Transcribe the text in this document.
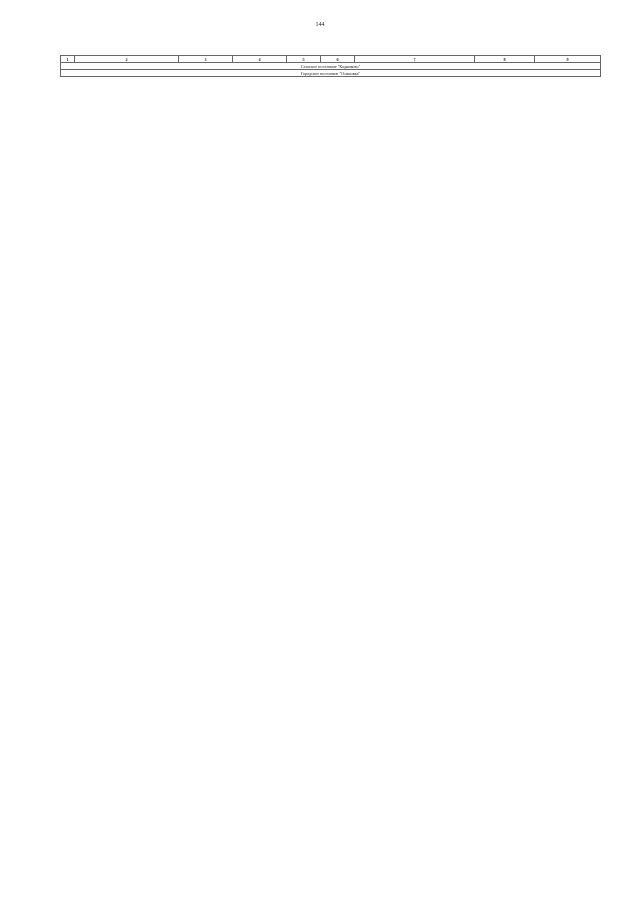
144
1	2	3	4	5	6	7	8	9
Сельское поселение "Кадниково"
Городское поселение "Осиновка"
